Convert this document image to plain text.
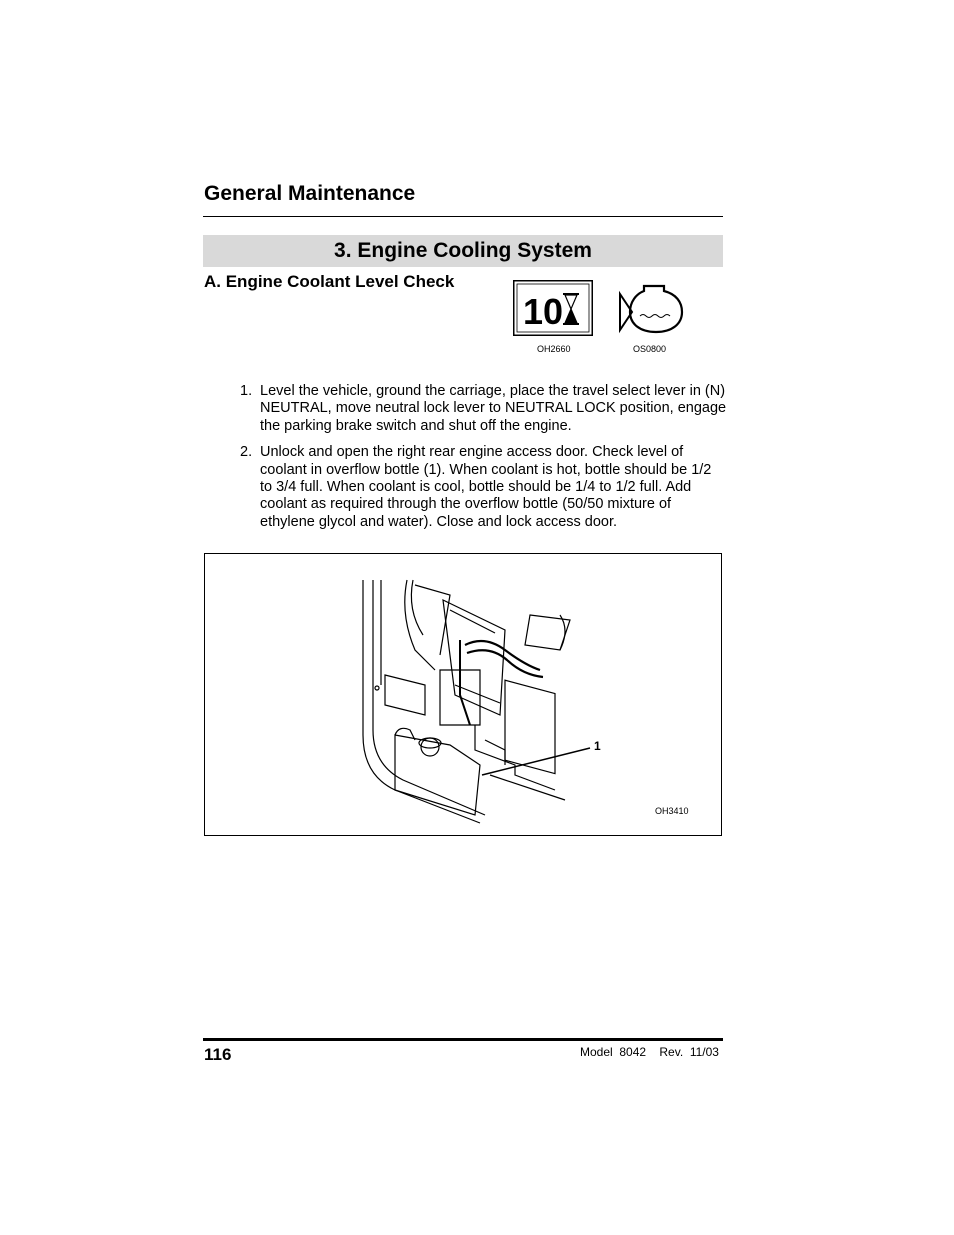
General Maintenance
3. Engine Cooling System
A. Engine Coolant Level Check
10
OH2660	OS0800
1. Level the vehicle, ground the carriage, place the travel select lever in (N) NEUTRAL, move neutral lock lever to NEUTRAL LOCK position, engage the parking brake switch and shut off the engine.
2. Unlock and open the right rear engine access door. Check level of coolant in overflow bottle (1). When coolant is hot, bottle should be 1/2 to 3/4 full. When coolant is cool, bottle should be 1/4 to 1/2 full. Add coolant as required through the overflow bottle (50/50 mixture of ethylene glycol and water). Close and lock access door.
1
OH3410
116	Model  8042    Rev.  11/03
